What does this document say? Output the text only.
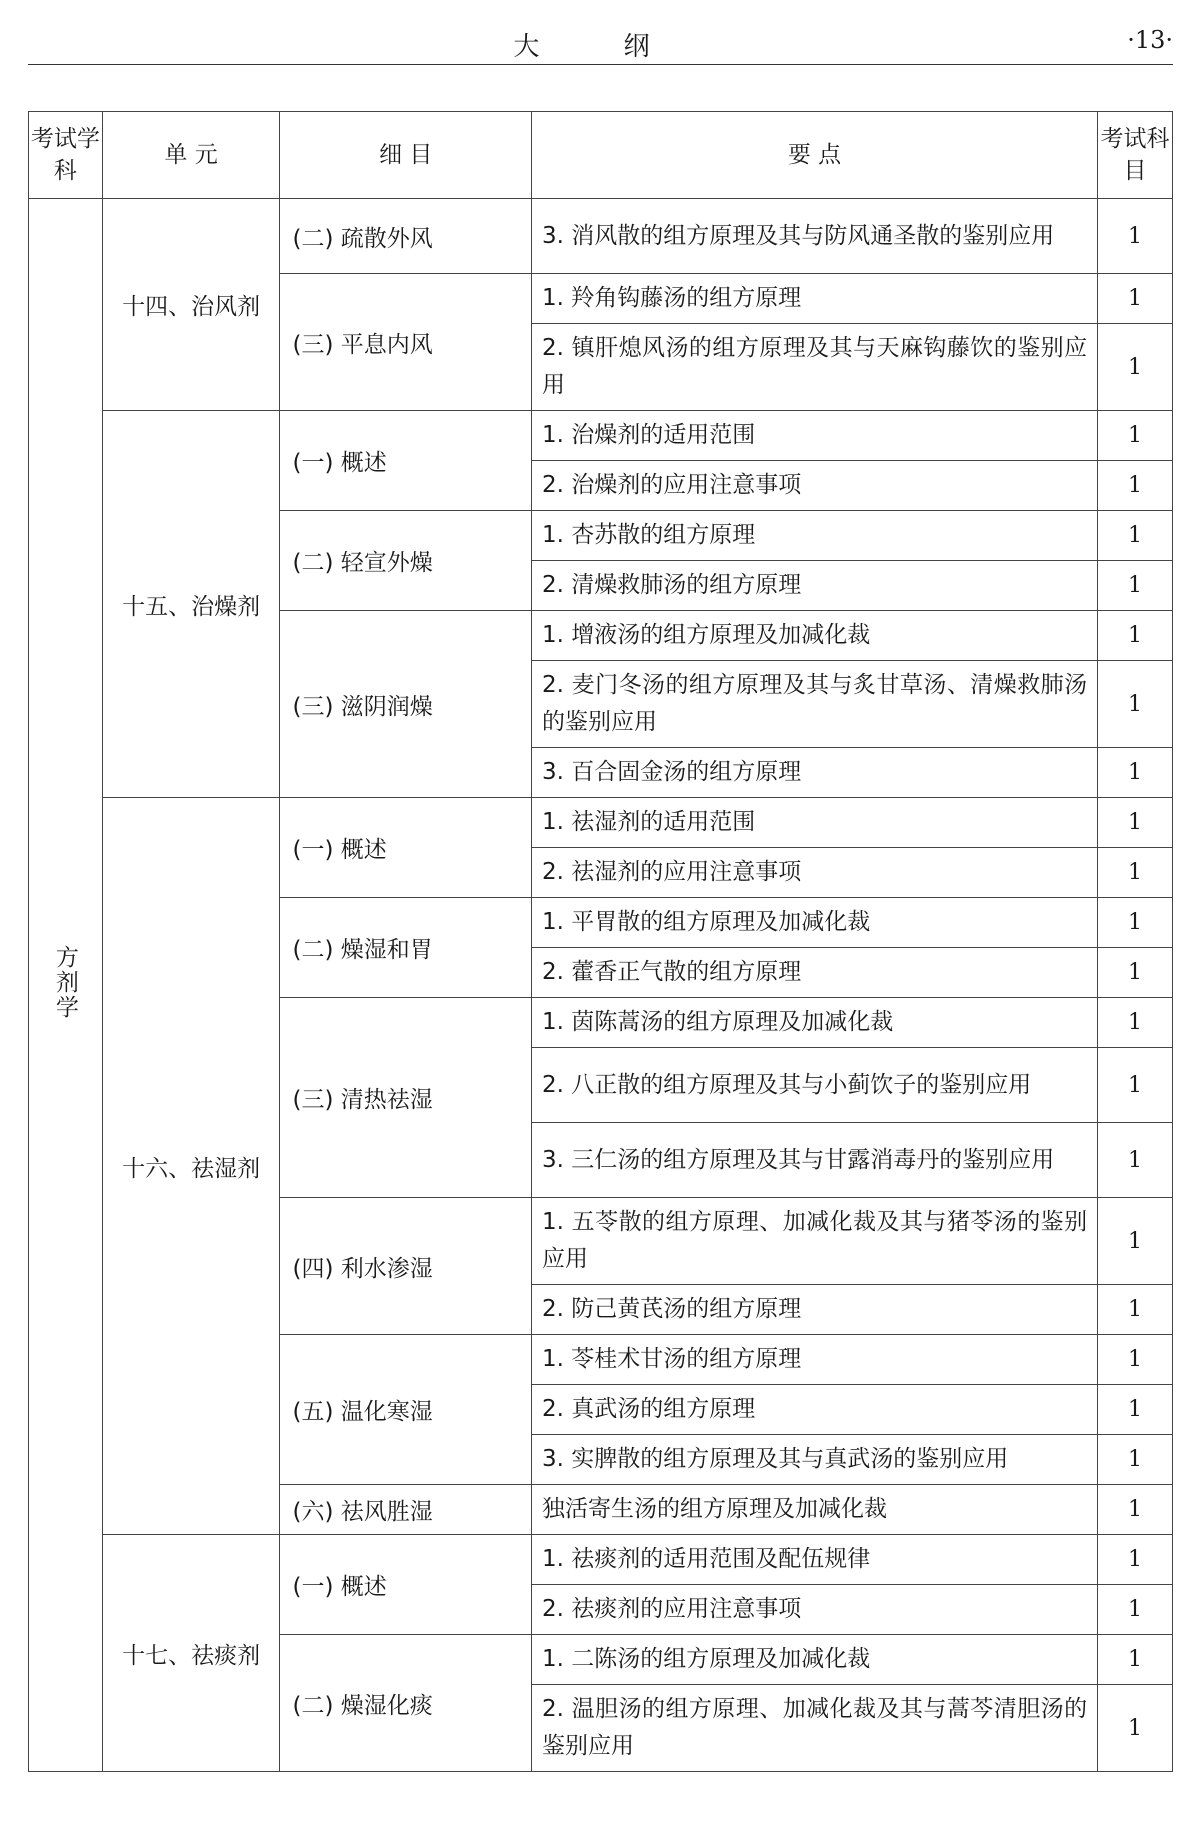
大 纲	·13·
考试学科	单 元	细 目	要 点	考试科目
方剂学	十四、治风剂	(二) 疏散外风	3. 消风散的组方原理及其与防风通圣散的鉴别应用	1
		(三) 平息内风	1. 羚角钩藤汤的组方原理	1
			2. 镇肝熄风汤的组方原理及其与天麻钩藤饮的鉴别应用	1
	十五、治燥剂	(一) 概述	1. 治燥剂的适用范围	1
			2. 治燥剂的应用注意事项	1
		(二) 轻宣外燥	1. 杏苏散的组方原理	1
			2. 清燥救肺汤的组方原理	1
		(三) 滋阴润燥	1. 增液汤的组方原理及加减化裁	1
			2. 麦门冬汤的组方原理及其与炙甘草汤、清燥救肺汤的鉴别应用	1
			3. 百合固金汤的组方原理	1
	十六、祛湿剂	(一) 概述	1. 祛湿剂的适用范围	1
			2. 祛湿剂的应用注意事项	1
		(二) 燥湿和胃	1. 平胃散的组方原理及加减化裁	1
			2. 藿香正气散的组方原理	1
		(三) 清热祛湿	1. 茵陈蒿汤的组方原理及加减化裁	1
			2. 八正散的组方原理及其与小蓟饮子的鉴别应用	1
			3. 三仁汤的组方原理及其与甘露消毒丹的鉴别应用	1
		(四) 利水渗湿	1. 五苓散的组方原理、加减化裁及其与猪苓汤的鉴别应用	1
			2. 防己黄芪汤的组方原理	1
		(五) 温化寒湿	1. 苓桂术甘汤的组方原理	1
			2. 真武汤的组方原理	1
			3. 实脾散的组方原理及其与真武汤的鉴别应用	1
		(六) 祛风胜湿	独活寄生汤的组方原理及加减化裁	1
	十七、祛痰剂	(一) 概述	1. 祛痰剂的适用范围及配伍规律	1
			2. 祛痰剂的应用注意事项	1
		(二) 燥湿化痰	1. 二陈汤的组方原理及加减化裁	1
			2. 温胆汤的组方原理、加减化裁及其与蒿芩清胆汤的鉴别应用	1
